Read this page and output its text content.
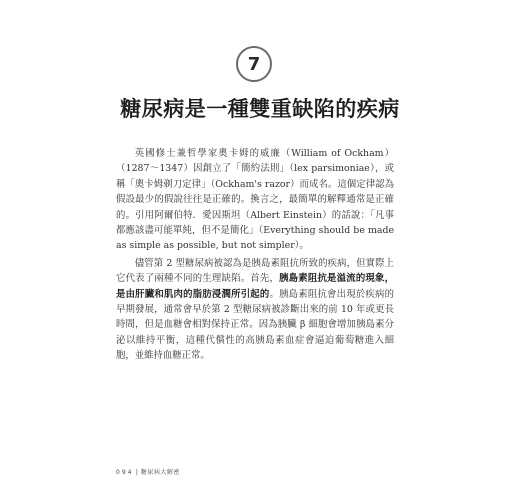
7
糖尿病是一種雙重缺陷的疾病

英國修士兼哲學家奧卡姆的威廉（William of Ockham）（1287～1347）因創立了「簡約法則」（lex parsimoniae），或稱「奧卡姆剃刀定律」（Ockham's razor）而成名。這個定律認為假設最少的假說往往是正確的。換言之，最簡單的解釋通常是正確的。引用阿爾伯特．愛因斯坦（Albert Einstein）的話說：「凡事都應該盡可能單純，但不是簡化」（Everything should be made as simple as possible, but not simpler）。

儘管第 2 型糖尿病被認為是胰島素阻抗所致的疾病，但實際上它代表了兩種不同的生理缺陷。首先，胰島素阻抗是溢流的現象，是由肝臟和肌肉的脂肪浸潤所引起的。胰島素阻抗會出現於疾病的早期發展，通常會早於第 2 型糖尿病被診斷出來的前 10 年或更長時間，但是血糖會相對保持正常。因為胰臟 β 細胞會增加胰島素分泌以維持平衡，這種代償性的高胰島素血症會逼迫葡萄糖進入細胞，並維持血糖正常。

094 | 糖尿病大解密
